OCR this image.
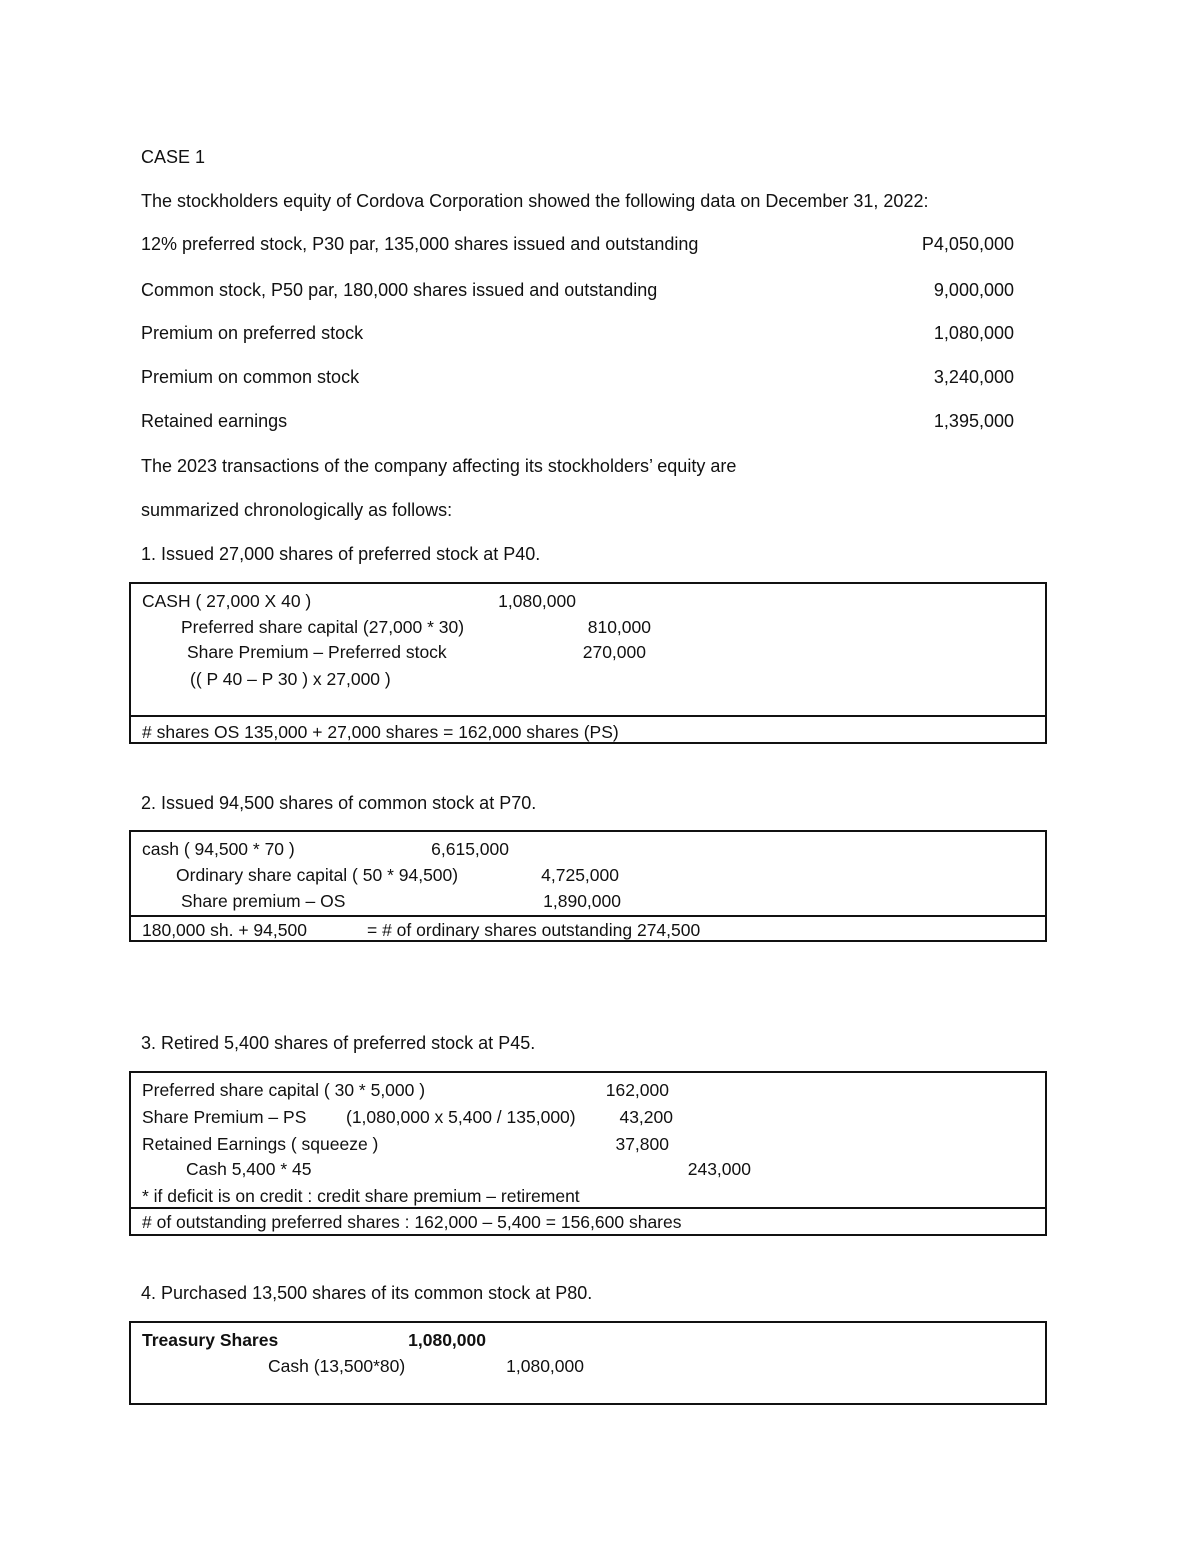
CASE 1
The stockholders equity of Cordova Corporation showed the following data on December 31, 2022:
12% preferred stock, P30 par, 135,000 shares issued and outstanding	P4,050,000
Common stock, P50 par, 180,000 shares issued and outstanding	9,000,000
Premium on preferred stock	1,080,000
Premium on common stock	3,240,000
Retained earnings	1,395,000
The 2023 transactions of the company affecting its stockholders’ equity are
summarized chronologically as follows:
1. Issued 27,000 shares of preferred stock at P40.
CASH ( 27,000 X 40 )	1,080,000
Preferred share capital (27,000 * 30)	810,000
Share Premium – Preferred stock	270,000
(( P 40 – P 30 ) x 27,000 )
# shares OS 135,000 + 27,000 shares = 162,000 shares (PS)
2. Issued 94,500 shares of common stock at P70.
cash ( 94,500 * 70 )	6,615,000
Ordinary share capital ( 50 * 94,500)	4,725,000
Share premium – OS	1,890,000
180,000 sh. + 94,500	= # of ordinary shares outstanding 274,500
3. Retired 5,400 shares of preferred stock at P45.
Preferred share capital ( 30 * 5,000 )	162,000
Share Premium – PS (1,080,000 x 5,400 / 135,000)	43,200
Retained Earnings ( squeeze )	37,800
Cash 5,400 * 45	243,000
* if deficit is on credit : credit share premium – retirement
# of outstanding preferred shares : 162,000 – 5,400 = 156,600 shares
4. Purchased 13,500 shares of its common stock at P80.
Treasury Shares	1,080,000
Cash (13,500*80)	1,080,000
